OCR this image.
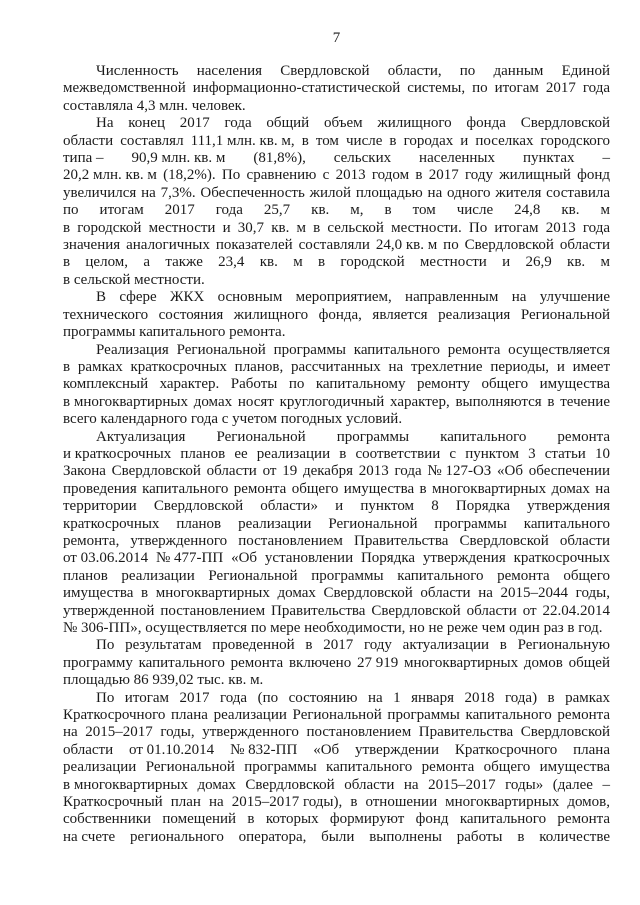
7
Численность населения Свердловской области, по данным Единой
межведомственной информационно-статистической системы, по итогам 2017 года
составляла 4,3 млн. человек.
На конец 2017 года общий объем жилищного фонда Свердловской
области составлял 111,1 млн. кв. м, в том числе в городах и поселках городского
типа – 90,9 млн. кв. м (81,8%), сельских населенных пунктах –
20,2 млн. кв. м (18,2%). По сравнению с 2013 годом в 2017 году жилищный фонд
увеличился на 7,3%. Обеспеченность жилой площадью на одного жителя составила
по итогам 2017 года 25,7 кв. м, в том числе 24,8 кв. м
в городской местности и 30,7 кв. м в сельской местности. По итогам 2013 года
значения аналогичных показателей составляли 24,0 кв. м по Свердловской области
в целом, а также 23,4 кв. м в городской местности и 26,9 кв. м
в сельской местности.
В сфере ЖКХ основным мероприятием, направленным на улучшение
технического состояния жилищного фонда, является реализация Региональной
программы капитального ремонта.
Реализация Региональной программы капитального ремонта осуществляется
в рамках краткосрочных планов, рассчитанных на трехлетние периоды, и имеет
комплексный характер. Работы по капитальному ремонту общего имущества
в многоквартирных домах носят круглогодичный характер, выполняются в течение
всего календарного года с учетом погодных условий.
Актуализация Региональной программы капитального ремонта
и краткосрочных планов ее реализации в соответствии с пунктом 3 статьи 10
Закона Свердловской области от 19 декабря 2013 года № 127-ОЗ «Об обеспечении
проведения капитального ремонта общего имущества в многоквартирных домах на
территории Свердловской области» и пунктом 8 Порядка утверждения
краткосрочных планов реализации Региональной программы капитального
ремонта, утвержденного постановлением Правительства Свердловской области
от 03.06.2014 № 477-ПП «Об установлении Порядка утверждения краткосрочных
планов реализации Региональной программы капитального ремонта общего
имущества в многоквартирных домах Свердловской области на 2015–2044 годы,
утвержденной постановлением Правительства Свердловской области от 22.04.2014
№ 306-ПП», осуществляется по мере необходимости, но не реже чем один раз в год.
По результатам проведенной в 2017 году актуализации в Региональную
программу капитального ремонта включено 27 919 многоквартирных домов общей
площадью 86 939,02 тыс. кв. м.
По итогам 2017 года (по состоянию на 1 января 2018 года) в рамках
Краткосрочного плана реализации Региональной программы капитального ремонта
на 2015–2017 годы, утвержденного постановлением Правительства Свердловской
области от 01.10.2014 № 832-ПП «Об утверждении Краткосрочного плана
реализации Региональной программы капитального ремонта общего имущества
в многоквартирных домах Свердловской области на 2015–2017 годы» (далее –
Краткосрочный план на 2015–2017 годы), в отношении многоквартирных домов,
собственники помещений в которых формируют фонд капитального ремонта
на счете регионального оператора, были выполнены работы в количестве
